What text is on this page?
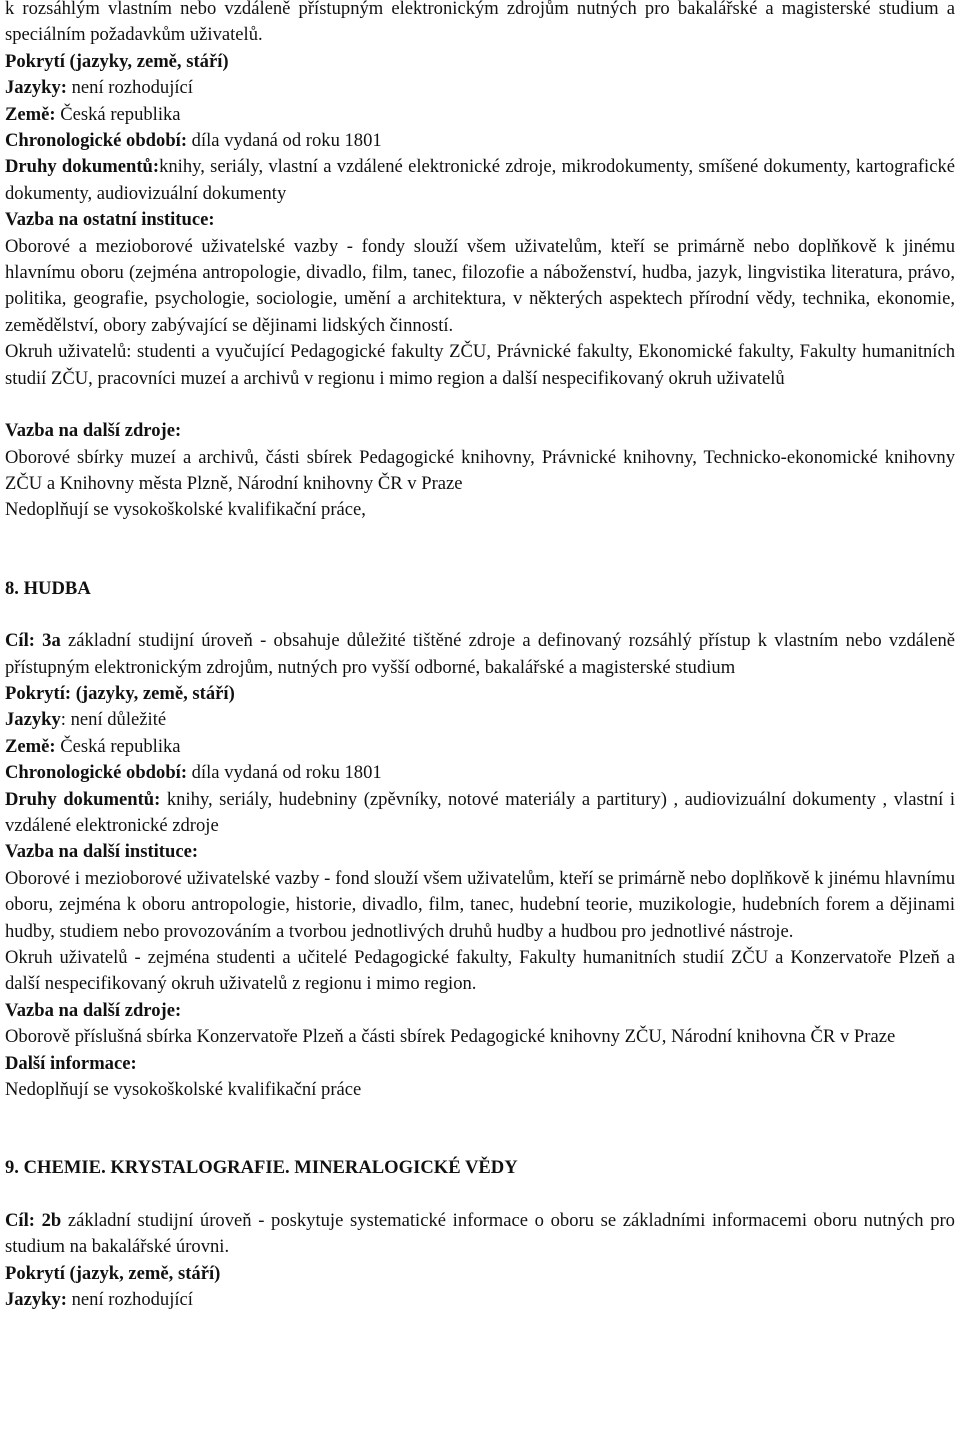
k rozsáhlým vlastním nebo vzdáleně přístupným elektronickým zdrojům nutných pro bakalářské a magisterské studium a speciálním požadavkům uživatelů.

Pokrytí (jazyky, země, stáří)
Jazyky: není rozhodující
Země: Česká republika
Chronologické období: díla vydaná od roku 1801

Druhy dokumentů:knihy, seriály, vlastní a vzdálené elektronické zdroje, mikrodokumenty, smíšené dokumenty, kartografické dokumenty, audiovizuální dokumenty

Vazba na ostatní instituce:

Oborové a mezioborové uživatelské vazby - fondy slouží všem uživatelům, kteří se primárně nebo doplňkově k jinému hlavnímu oboru (zejména antropologie, divadlo, film, tanec, filozofie a náboženství, hudba, jazyk, lingvistika literatura, právo, politika, geografie, psychologie, sociologie, umění a architektura, v některých aspektech přírodní vědy, technika, ekonomie, zemědělství, obory zabývající se dějinami lidských činností.

Okruh uživatelů: studenti a vyučující Pedagogické fakulty ZČU, Právnické fakulty, Ekonomické fakulty, Fakulty humanitních studií ZČU, pracovníci muzeí a archivů v regionu i mimo region a další nespecifikovaný okruh uživatelů

Vazba na další zdroje:

Oborové sbírky muzeí a archivů, části sbírek Pedagogické knihovny, Právnické knihovny, Technicko-ekonomické knihovny ZČU a Knihovny města Plzně, Národní knihovny ČR v Praze

Nedoplňují se vysokoškolské kvalifikační práce,
8. HUDBA

Cíl: 3a základní studijní úroveň - obsahuje důležité tištěné zdroje a definovaný rozsáhlý přístup k vlastním nebo vzdáleně přístupným elektronickým zdrojům, nutných pro vyšší odborné, bakalářské a magisterské studium

Pokrytí: (jazyky, země, stáří)
Jazyky: není důležité
Země: Česká republika
Chronologické období: díla vydaná od roku 1801

Druhy dokumentů: knihy, seriály, hudebniny (zpěvníky, notové materiály a partitury) , audiovizuální dokumenty , vlastní i vzdálené elektronické zdroje

Vazba na další instituce:

Oborové i mezioborové uživatelské vazby - fond slouží všem uživatelům, kteří se primárně nebo doplňkově k jinému hlavnímu oboru, zejména k oboru antropologie, historie, divadlo, film, tanec, hudební teorie, muzikologie, hudebních forem a dějinami hudby, studiem nebo provozováním a tvorbou jednotlivých druhů hudby a hudbou pro jednotlivé nástroje.

Okruh uživatelů - zejména studenti a učitelé Pedagogické fakulty, Fakulty humanitních studií ZČU a Konzervatoře Plzeň a další nespecifikovaný okruh uživatelů z regionu i mimo region.

Vazba na další zdroje:

Oborově příslušná sbírka Konzervatoře Plzeň a části sbírek Pedagogické knihovny ZČU, Národní knihovna ČR v Praze

Další informace:
Nedoplňují se vysokoškolské kvalifikační práce
9. CHEMIE. KRYSTALOGRAFIE. MINERALOGICKÉ VĚDY

Cíl: 2b základní studijní úroveň - poskytuje systematické informace o oboru se základními informacemi oboru nutných pro studium na bakalářské úrovni.

Pokrytí (jazyk, země, stáří)
Jazyky: není rozhodující
